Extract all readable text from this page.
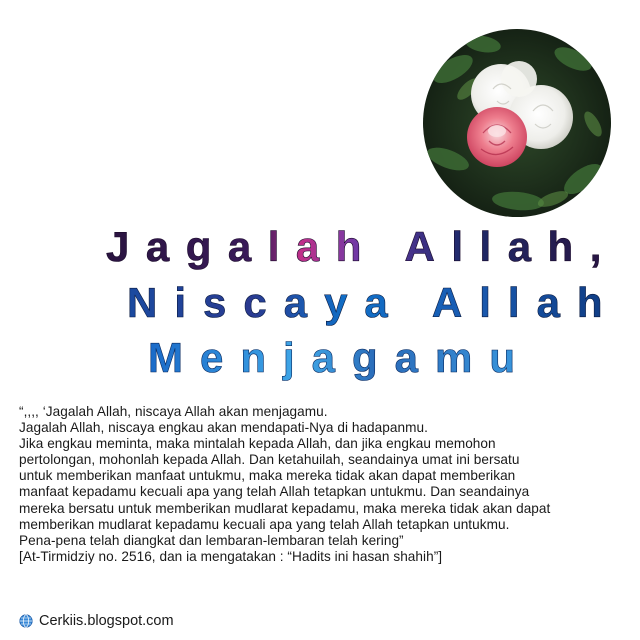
Jagalah Allah,
Niscaya Allah
Menjagamu
“,,,, ‘Jagalah Allah, niscaya Allah akan menjagamu.
Jagalah Allah, niscaya engkau akan mendapati-Nya di hadapanmu.
Jika engkau meminta, maka mintalah kepada Allah, dan jika engkau memohon
pertolongan, mohonlah kepada Allah. Dan ketahuilah, seandainya umat ini bersatu
untuk memberikan manfaat untukmu, maka mereka tidak akan dapat memberikan
manfaat kepadamu kecuali apa yang telah Allah tetapkan untukmu. Dan seandainya
mereka bersatu untuk memberikan mudlarat kepadamu, maka mereka tidak akan dapat
memberikan mudlarat kepadamu kecuali apa yang telah Allah tetapkan untukmu.
Pena-pena telah diangkat dan lembaran-lembaran telah kering”
[At-Tirmidziy no. 2516, dan ia mengatakan : “Hadits ini hasan shahih”]
Cerkiis.blogspot.com
